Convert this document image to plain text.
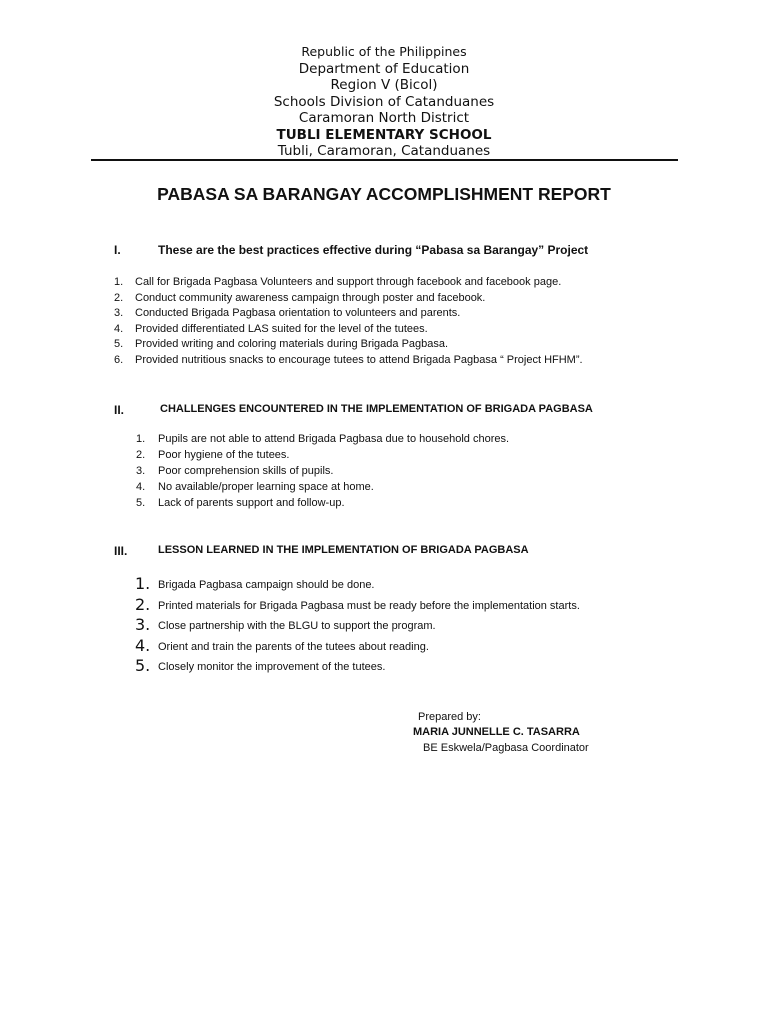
Republic of the Philippines
Department of Education
Region V (Bicol)
Schools Division of Catanduanes
Caramoran North District
TUBLI ELEMENTARY SCHOOL
Tubli, Caramoran, Catanduanes
PABASA SA BARANGAY ACCOMPLISHMENT REPORT
I.	These are the best practices effective during “Pabasa sa Barangay” Project
1. Call for Brigada Pagbasa Volunteers and support through facebook and facebook page.
2. Conduct community awareness campaign through poster and facebook.
3. Conducted Brigada Pagbasa orientation to volunteers and parents.
4. Provided differentiated LAS suited for the level of the tutees.
5. Provided writing and coloring materials during Brigada Pagbasa.
6. Provided nutritious snacks to encourage tutees to attend Brigada Pagbasa “ Project HFHM”.
II.	CHALLENGES ENCOUNTERED IN THE IMPLEMENTATION OF BRIGADA PAGBASA
1. Pupils are not able to attend Brigada Pagbasa due to household chores.
2. Poor hygiene of the tutees.
3. Poor comprehension skills of pupils.
4. No available/proper learning space at home.
5. Lack of parents support and follow-up.
III.	LESSON LEARNED IN THE IMPLEMENTATION OF BRIGADA PAGBASA
1. Brigada Pagbasa campaign should be done.
2. Printed materials for Brigada Pagbasa must be ready before the implementation starts.
3. Close partnership with the BLGU to support the program.
4. Orient and train the parents of the tutees about reading.
5. Closely monitor the improvement of the tutees.
Prepared by:
MARIA JUNNELLE C. TASARRA
BE Eskwela/Pagbasa Coordinator
